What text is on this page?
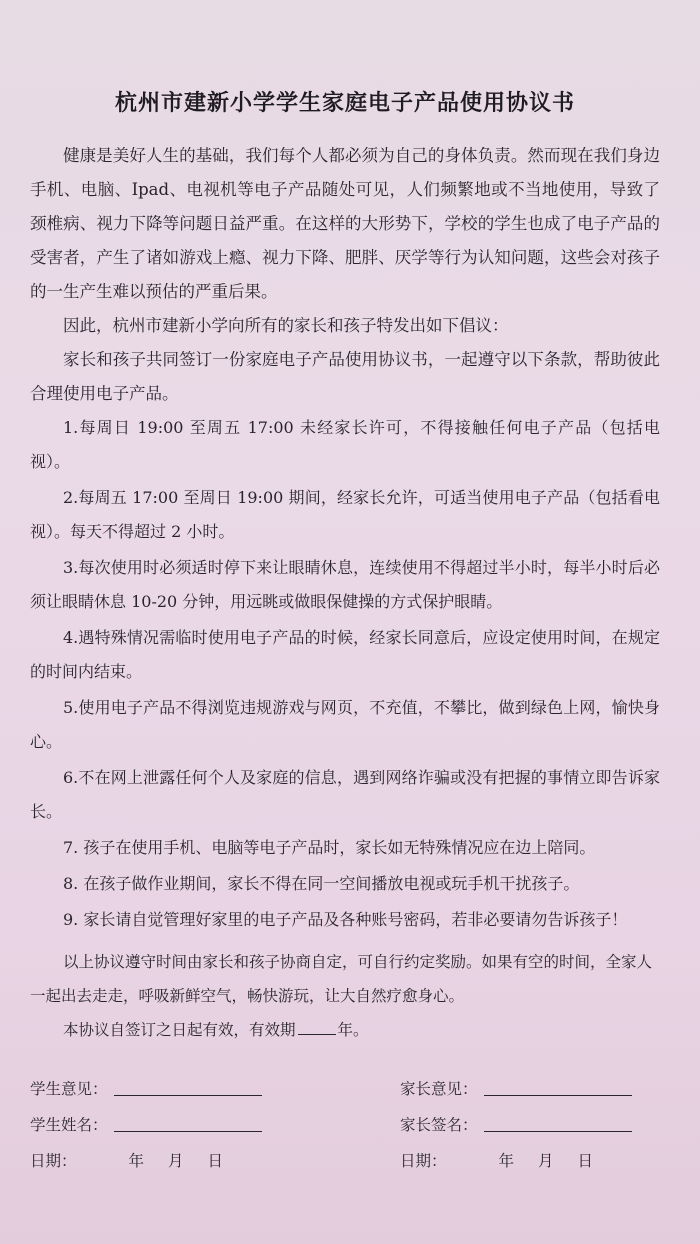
杭州市建新小学学生家庭电子产品使用协议书

健康是美好人生的基础，我们每个人都必须为自己的身体负责。然而现在我们身边手机、电脑、Ipad、电视机等电子产品随处可见，人们频繁地或不当地使用，导致了颈椎病、视力下降等问题日益严重。在这样的大形势下，学校的学生也成了电子产品的受害者，产生了诸如游戏上瘾、视力下降、肥胖、厌学等行为认知问题，这些会对孩子的一生产生难以预估的严重后果。

因此，杭州市建新小学向所有的家长和孩子特发出如下倡议：

家长和孩子共同签订一份家庭电子产品使用协议书，一起遵守以下条款，帮助彼此合理使用电子产品。

1.每周日 19:00 至周五 17:00 未经家长许可，不得接触任何电子产品（包括电视）。

2.每周五 17:00 至周日 19:00 期间，经家长允许，可适当使用电子产品（包括看电视）。每天不得超过 2 小时。

3.每次使用时必须适时停下来让眼睛休息，连续使用不得超过半小时，每半小时后必须让眼睛休息 10-20 分钟，用远眺或做眼保健操的方式保护眼睛。

4.遇特殊情况需临时使用电子产品的时候，经家长同意后，应设定使用时间，在规定的时间内结束。

5.使用电子产品不得浏览违规游戏与网页，不充值，不攀比，做到绿色上网，愉快身心。

6.不在网上泄露任何个人及家庭的信息，遇到网络诈骗或没有把握的事情立即告诉家长。

7. 孩子在使用手机、电脑等电子产品时，家长如无特殊情况应在边上陪同。

8. 在孩子做作业期间，家长不得在同一空间播放电视或玩手机干扰孩子。

9. 家长请自觉管理好家里的电子产品及各种账号密码，若非必要请勿告诉孩子！

以上协议遵守时间由家长和孩子协商自定，可自行约定奖励。如果有空的时间，全家人一起出去走走，呼吸新鲜空气，畅快游玩，让大自然疗愈身心。

本协议自签订之日起有效，有效期	年。

学生意见：	家长意见：
学生姓名：	家长签名：
日期：	年 月 日	日期：	年 月 日
